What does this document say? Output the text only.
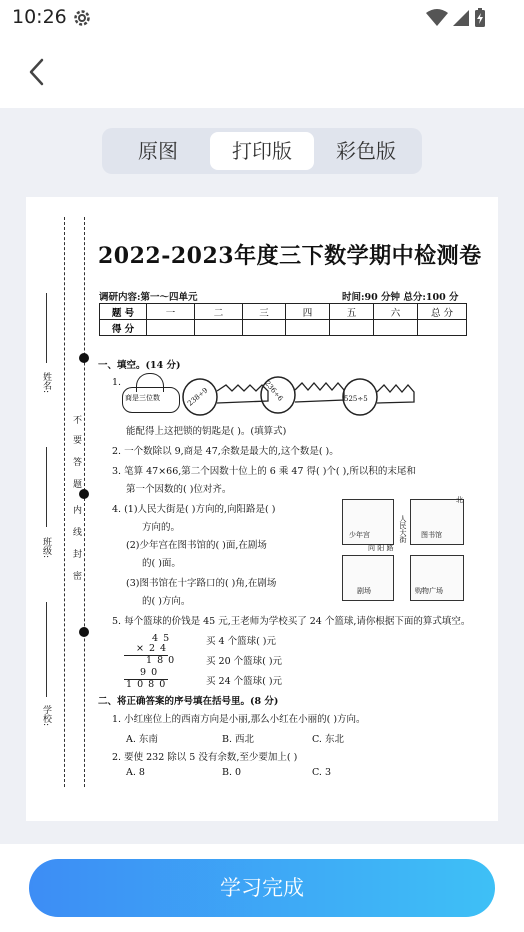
10:26
原图	打印版	彩色版
姓名:
班级:
学校:
不
要
答
题
内
线
封
密
2022-2023年度三下数学期中检测卷
调研内容:第一～四单元	时间:90 分钟 总分:100 分
题 号	一	二	三	四	五	六	总 分
得 分							
一、填空。(14 分)
1.
商是三位数	238÷9	236÷6	525÷5
能配得上这把锁的钥匙是( )。(填算式)
2. 一个数除以 9,商是 47,余数是最大的,这个数是( )。
3. 笔算 47×66,第二个因数十位上的 6 乘 47 得( )个( ),所以积的末尾和
第一个因数的( )位对齐。
4. (1)人民大街是( )方向的,向阳路是( )
方向的。
(2)少年宫在图书馆的( )面,在剧场
的( )面。
(3)图书馆在十字路口的( )角,在剧场
的( )方向。
少年宫	图书馆
剧场	购物广场
人民大街
向 阳 路
北
5. 每个篮球的价钱是 45 元,王老师为学校买了 24 个篮球,请你根据下面的算式填空。
4 5
× 2 4
1 8 0
9 0
1 0 8 0
买 4 个篮球( )元
买 20 个篮球( )元
买 24 个篮球( )元
二、将正确答案的序号填在括号里。(8 分)
1. 小红座位上的西南方向是小丽,那么小红在小丽的( )方向。
A. 东南	B. 西北	C. 东北
2. 要使 232 除以 5 没有余数,至少要加上( )
A. 8	B. 0	C. 3
学习完成
